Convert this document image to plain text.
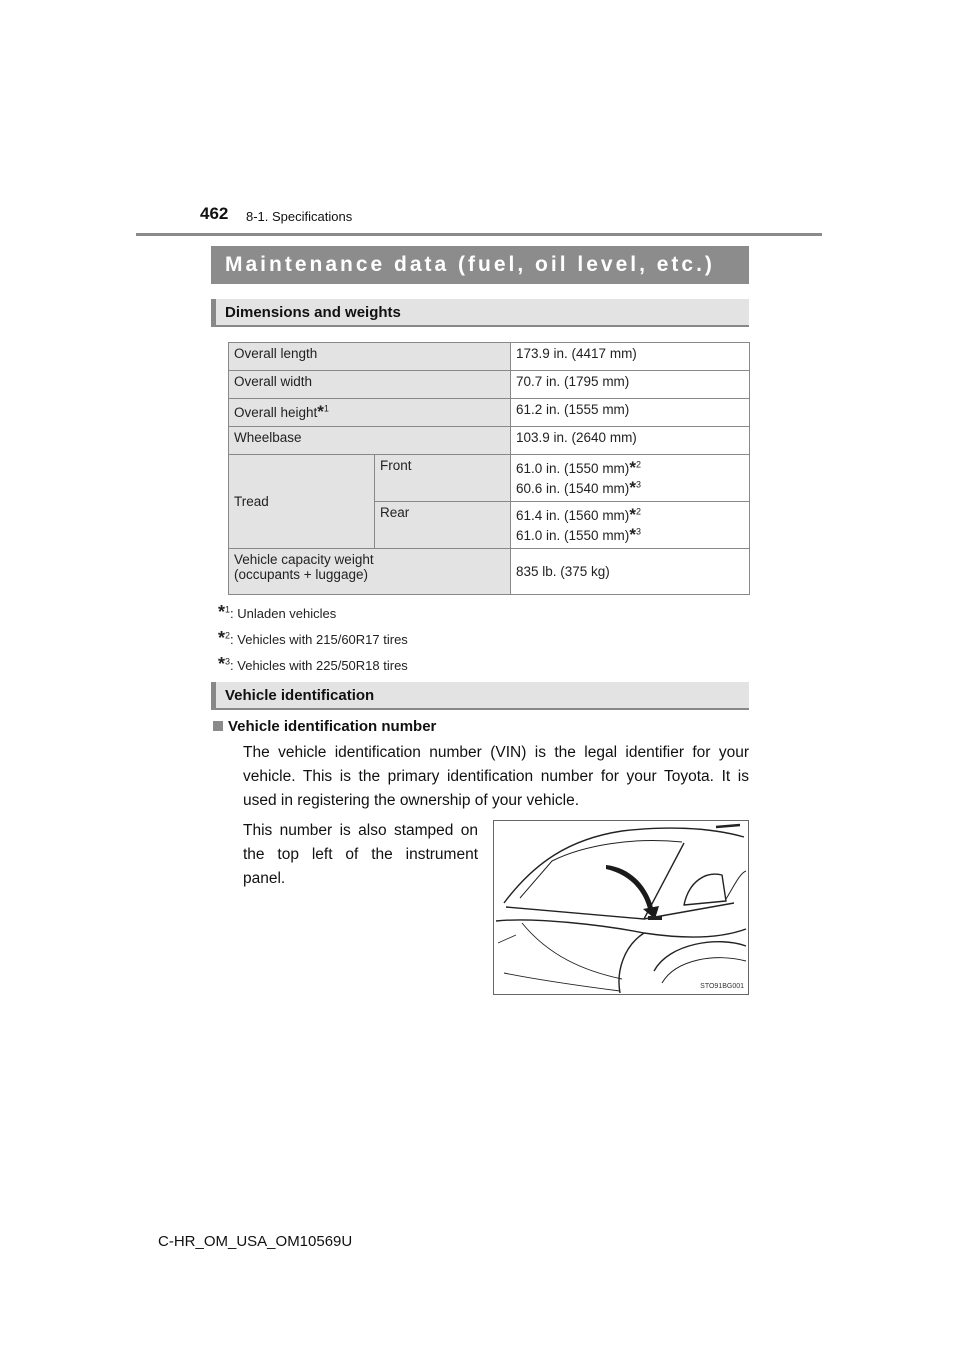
462 8-1. Specifications
Maintenance data (fuel, oil level, etc.)
Dimensions and weights
Overall length		173.9 in. (4417 mm)
Overall width		70.7 in. (1795 mm)
Overall height*$^1$		61.2 in. (1555 mm)
Wheelbase		103.9 in. (2640 mm)
Tread	Front	61.0 in. (1550 mm)*$^2$
60.6 in. (1540 mm)*$^3$
	Rear	61.4 in. (1560 mm)*$^2$
61.0 in. (1550 mm)*$^3$
Vehicle capacity weight
(occupants + luggage)		835 lb. (375 kg)
*$^1$: Unladen vehicles
*$^2$: Vehicles with 215/60R17 tires
*$^3$: Vehicles with 225/50R18 tires
Vehicle identification
Vehicle identification number
The vehicle identification number (VIN) is the legal identifier for your vehicle. This is the primary identification number for your Toyota. It is used in registering the ownership of your vehicle.
This number is also stamped on the top left of the instrument panel.
STO91BG001
C-HR_OM_USA_OM10569U
